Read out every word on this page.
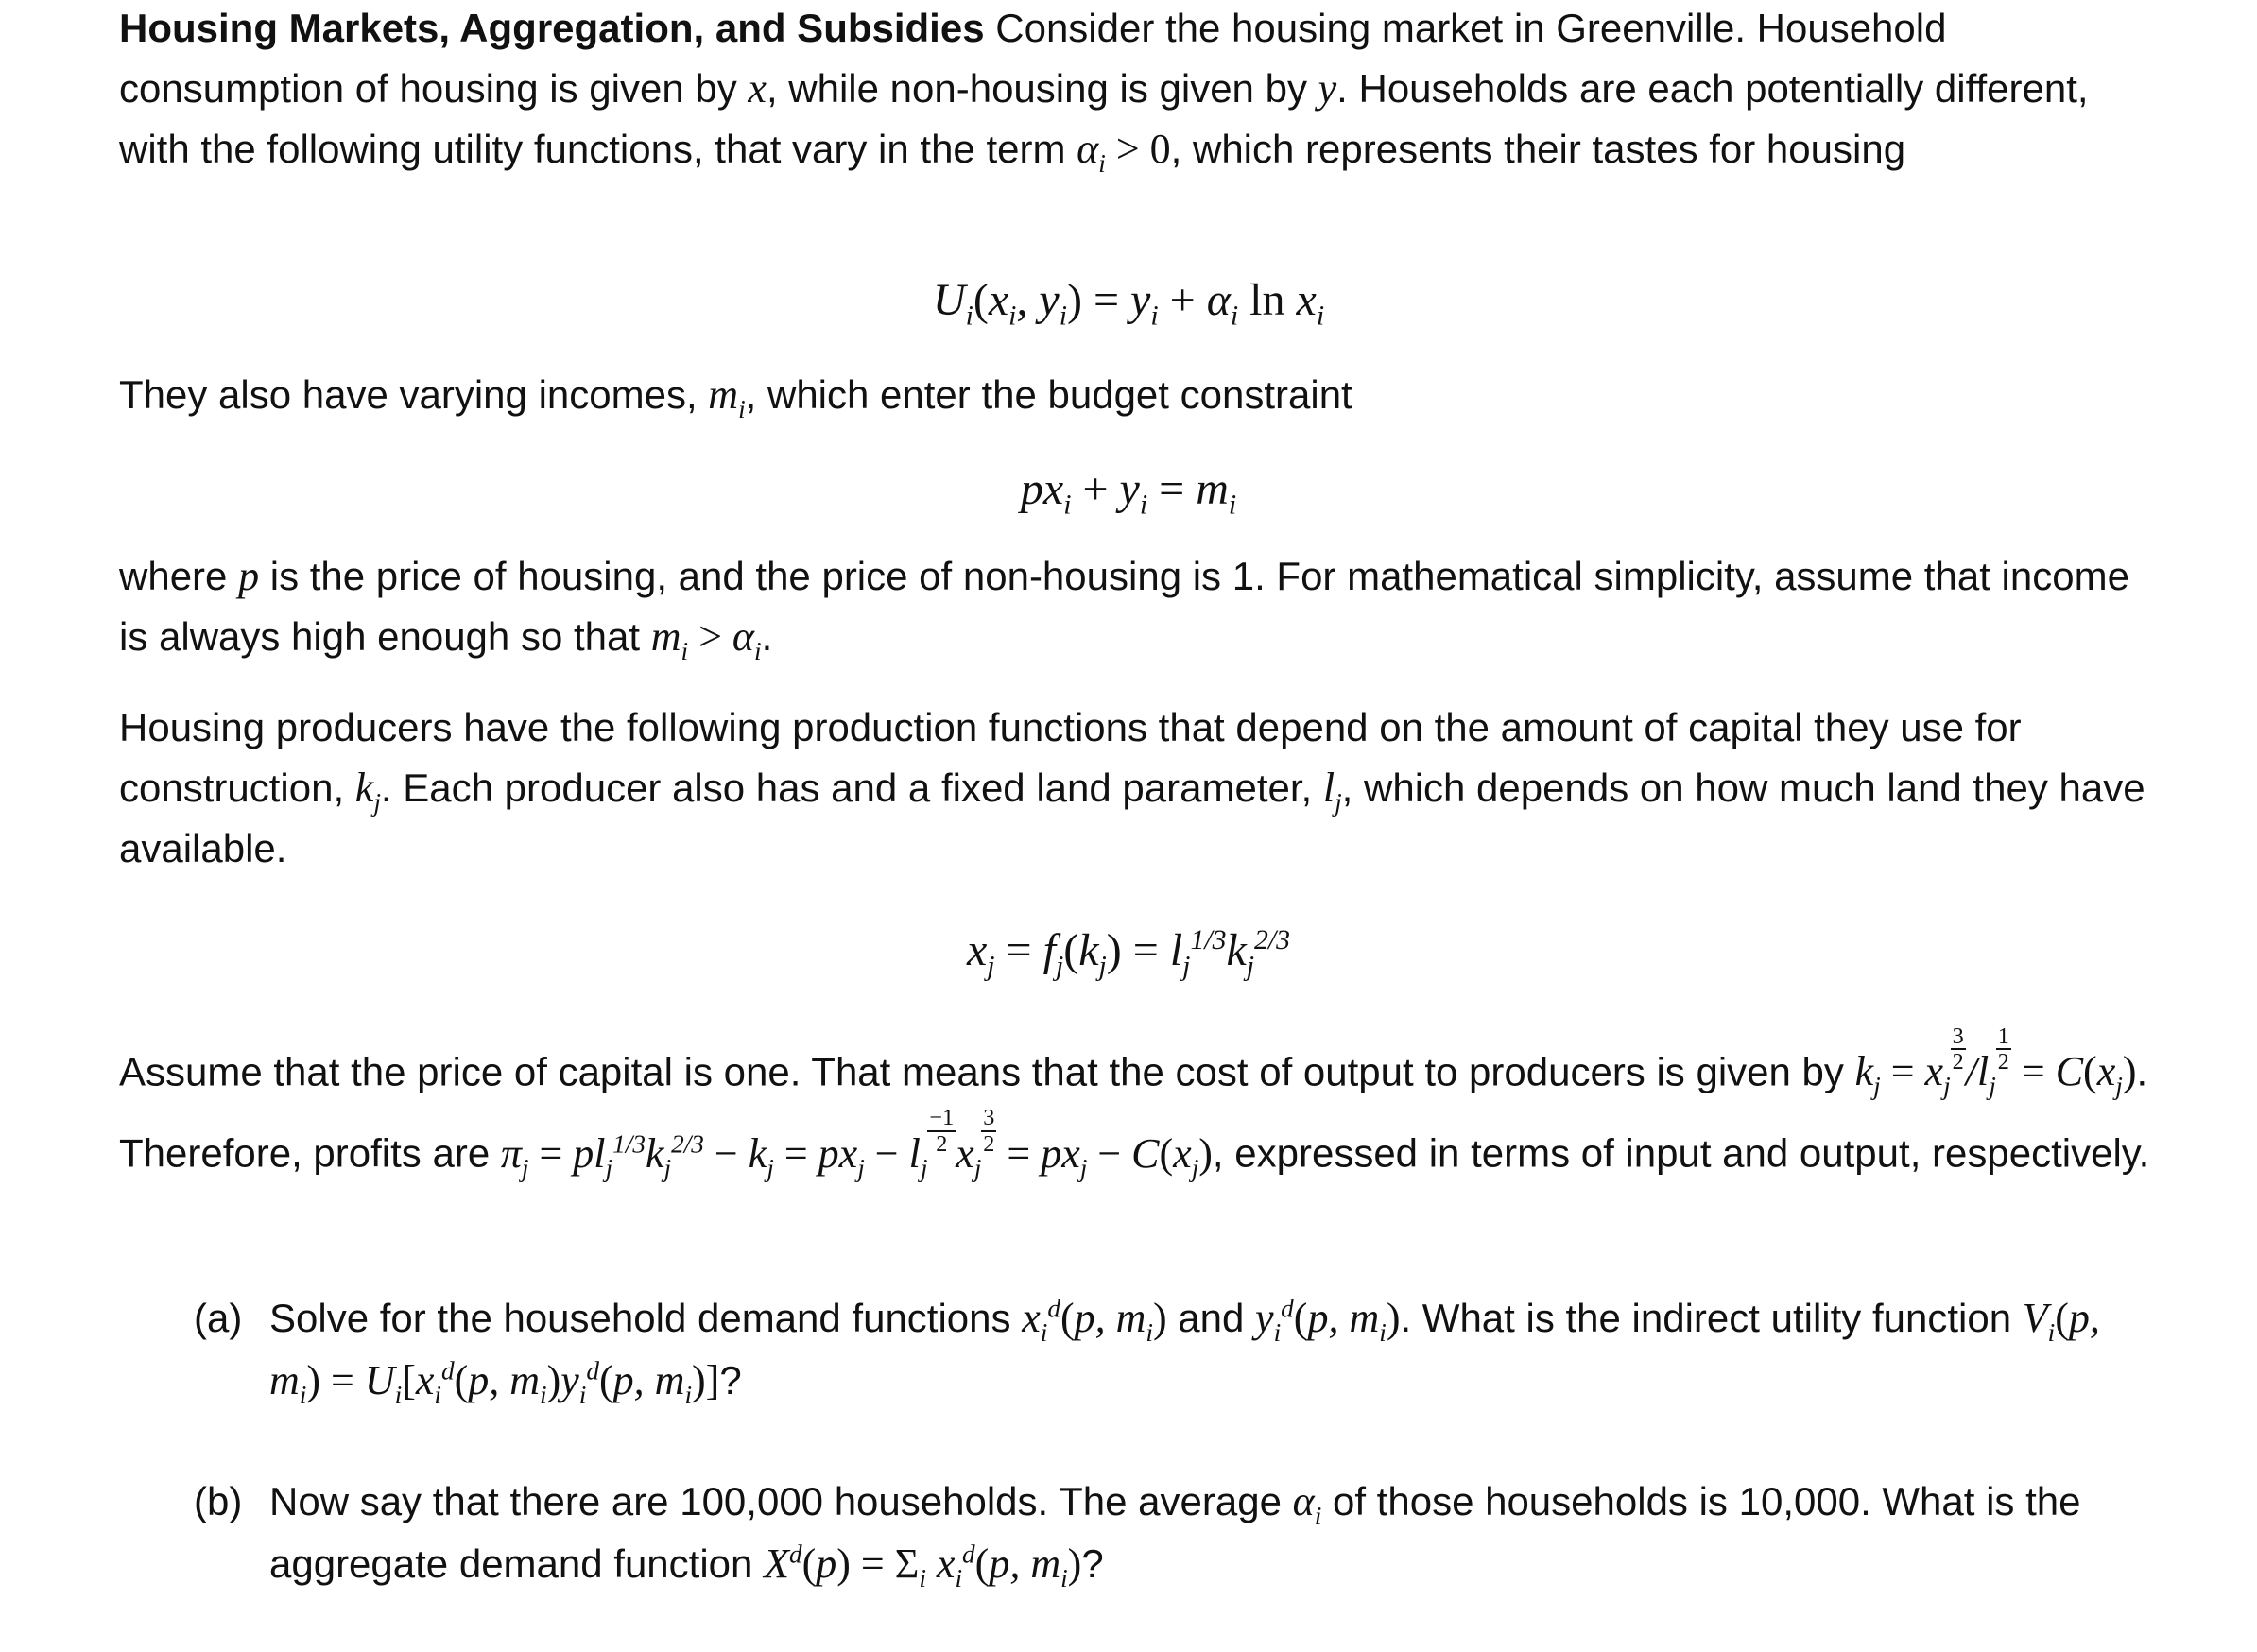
Housing Markets, Aggregation, and Subsidies Consider the housing market in Greenville. Household consumption of housing is given by x, while non-housing is given by y. Households are each potentially different, with the following utility functions, that vary in the term $\alpha_i > 0$, which represents their tastes for housing
$U_i(x_i$, $y_i) = y_i + \alpha_i$ $\ln x_i$
They also have varying incomes, $m_i$, which enter the budget constraint
$px_i + y_i = m_i$
where p is the price of housing, and the price of non-housing is 1. For mathematical simplicity, assume that income is always high enough so that $m_i > \alpha_i$.
Housing producers have the following production functions that depend on the amount of capital they use for construction, $k_j$. Each producer also has and a fixed land parameter, $l_j$, which depends on how much land they have available.
$x_j = f_j(k_j) = l_j^{1/3}k_j^{2/3}$
Assume that the price of capital is one. That means that the cost of output to producers is given by $k_j = x_j$
$\frac{3}{2} /l_j$
$\frac{1}{2} = C(x_j)$. Therefore, profits are $\pi_j = pl_j^{1/3}k_j^{2/3} - k_j = px_j - l_j$
$\frac{-1}{2} x_j$
$\frac{3}{2} = px_j - C(x_j)$, expressed in terms of input and output, respectively.
(a) Solve for the household demand functions $x_i^d(p$, $m_i$) and $y_i^d(p$, $m_i$). What is the indirect utility function $V_i(p$, $m_i) = U_i[x_i^d(p$, $m_i)y_i^d(p$, $m_i$)]?
(b) Now say that there are 100,000 households. The average $\alpha_i$ of those households is 10,000. What is the aggregate demand function $X^d(p) = \Sigma_i$ $x_i^d(p$, $m_i$)?
